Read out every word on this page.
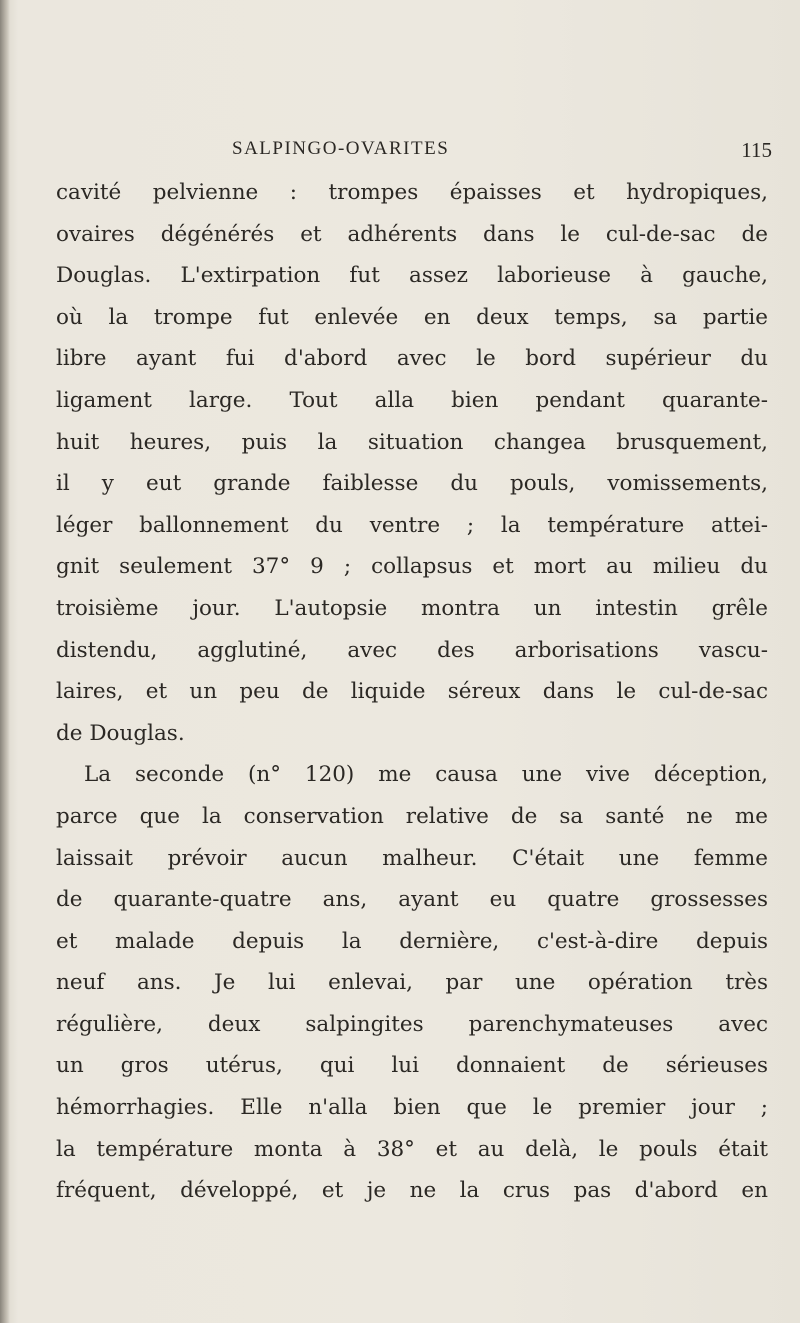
SALPINGO-OVARITES	115
cavité pelvienne : trompes épaisses et hydropiques,
ovaires dégénérés et adhérents dans le cul-de-sac de
Douglas. L'extirpation fut assez laborieuse à gauche,
où la trompe fut enlevée en deux temps, sa partie
libre ayant fui d'abord avec le bord supérieur du
ligament large. Tout alla bien pendant quarante-
huit heures, puis la situation changea brusquement,
il y eut grande faiblesse du pouls, vomissements,
léger ballonnement du ventre ; la température attei-
gnit seulement 37° 9 ; collapsus et mort au milieu du
troisième jour. L'autopsie montra un intestin grêle
distendu, agglutiné, avec des arborisations vascu-
laires, et un peu de liquide séreux dans le cul-de-sac
de Douglas.
La seconde (n° 120) me causa une vive déception,
parce que la conservation relative de sa santé ne me
laissait prévoir aucun malheur. C'était une femme
de quarante-quatre ans, ayant eu quatre grossesses
et malade depuis la dernière, c'est-à-dire depuis
neuf ans. Je lui enlevai, par une opération très
régulière, deux salpingites parenchymateuses avec
un gros utérus, qui lui donnaient de sérieuses
hémorrhagies. Elle n'alla bien que le premier jour ;
la température monta à 38° et au delà, le pouls était
fréquent, développé, et je ne la crus pas d'abord en
